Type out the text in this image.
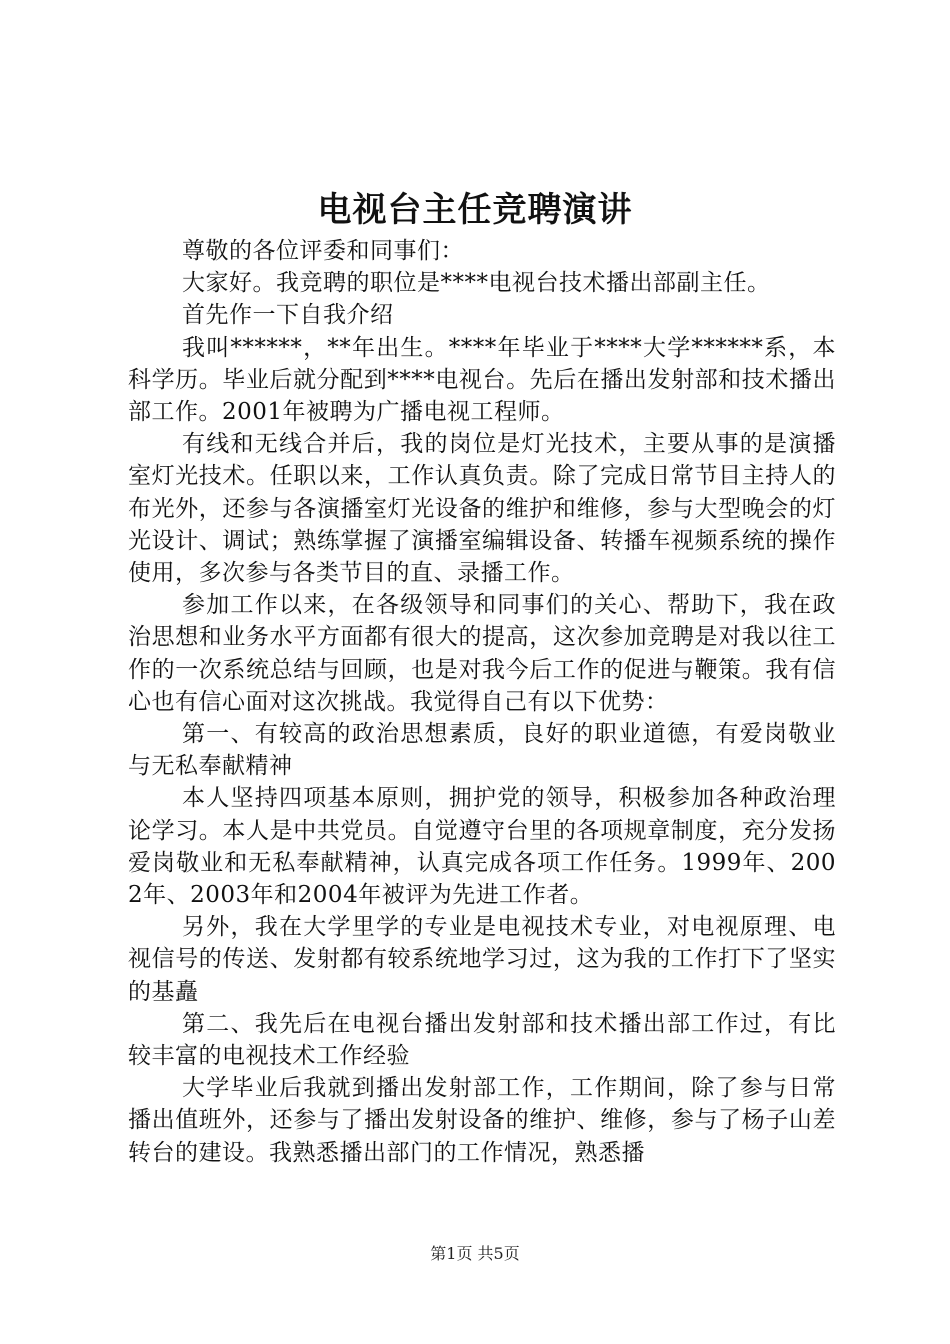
电视台主任竞聘演讲

尊敬的各位评委和同事们：

大家好。我竞聘的职位是****电视台技术播出部副主任。

首先作一下自我介绍

我叫******，**年出生。****年毕业于****大学******系，本科学历。毕业后就分配到****电视台。先后在播出发射部和技术播出部工作。2001年被聘为广播电视工程师。

有线和无线合并后，我的岗位是灯光技术，主要从事的是演播室灯光技术。任职以来，工作认真负责。除了完成日常节目主持人的布光外，还参与各演播室灯光设备的维护和维修，参与大型晚会的灯光设计、调试；熟练掌握了演播室编辑设备、转播车视频系统的操作使用，多次参与各类节目的直、录播工作。

参加工作以来，在各级领导和同事们的关心、帮助下，我在政治思想和业务水平方面都有很大的提高，这次参加竞聘是对我以往工作的一次系统总结与回顾，也是对我今后工作的促进与鞭策。我有信心也有信心面对这次挑战。我觉得自己有以下优势：

第一、有较高的政治思想素质，良好的职业道德，有爱岗敬业与无私奉献精神

本人坚持四项基本原则，拥护党的领导，积极参加各种政治理论学习。本人是中共党员。自觉遵守台里的各项规章制度，充分发扬爱岗敬业和无私奉献精神，认真完成各项工作任务。1999年、2002年、2003年和2004年被评为先进工作者。

另外，我在大学里学的专业是电视技术专业，对电视原理、电视信号的传送、发射都有较系统地学习过，这为我的工作打下了坚实的基矗

第二、我先后在电视台播出发射部和技术播出部工作过，有比较丰富的电视技术工作经验

大学毕业后我就到播出发射部工作，工作期间，除了参与日常播出值班外，还参与了播出发射设备的维护、维修，参与了杨子山差转台的建设。我熟悉播出部门的工作情况，熟悉播

第1页 共5页
